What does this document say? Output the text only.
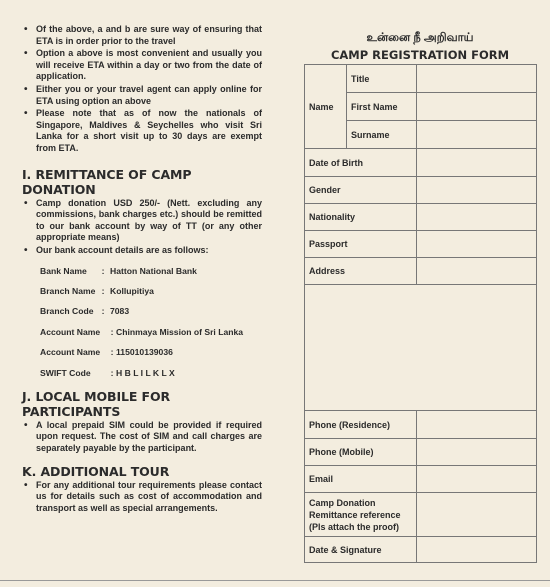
• Of the above, a and b are sure way of ensuring that ETA is in order prior to the travel
• Option a above is most convenient and usually you will receive ETA within a day or two from the date of application.
• Either you or your travel agent can apply online for ETA using option an above
• Please note that as of now the nationals of Singapore, Maldives & Seychelles who visit Sri Lanka for a short visit up to 30 days are exempt from ETA.
I. REMITTANCE OF CAMP DONATION
• Camp donation USD 250/- (Nett. excluding any commissions, bank charges etc.) should be remitted to our bank account by way of TT (or any other appropriate means)
• Our bank account details are as follows:
Bank Name	: Hatton National Bank
Branch Name : Kollupitiya
Branch Code : 7083
Account Name	: Chinmaya Mission of Sri Lanka
Account Name	: 115010139036
SWIFT Code	: H B L I L K L X
J. LOCAL MOBILE FOR PARTICIPANTS
• A local prepaid SIM could be provided if required upon request. The cost of SIM and call charges are separately payable by the participant.
K. ADDITIONAL TOUR
• For any additional tour requirements please contact us for details such as cost of accommodation and transport as well as special arrangements.
உன்னை நீ அறிவாய்
CAMP REGISTRATION FORM
Name	Title	
	First Name	
	Surname	
Date of Birth		
Gender		
Nationality		
Passport		
Address		

Phone (Residence)		
Phone (Mobile)		
Email		
Camp Donation Remittance reference (Pls attach the proof)		
Date & Signature		
